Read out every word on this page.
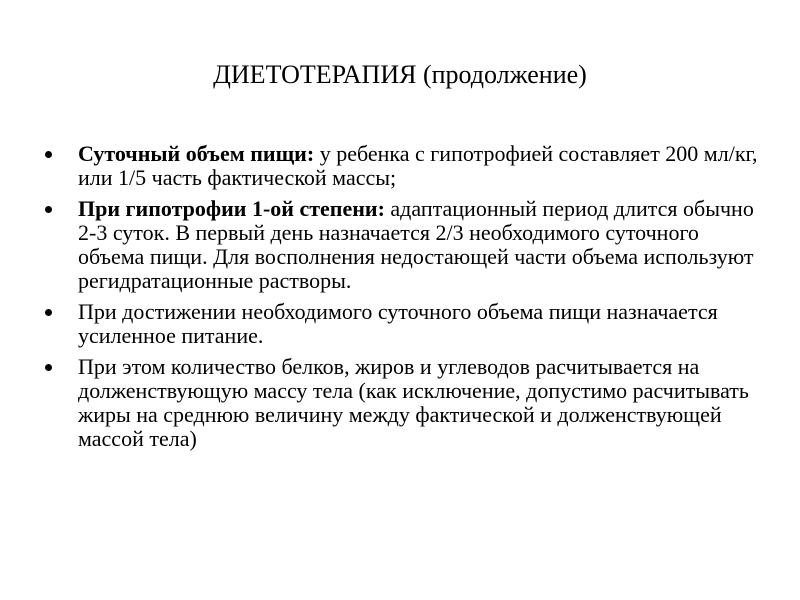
ДИЕТОТЕРАПИЯ (продолжение)
Суточный объем пищи: у ребенка с гипотрофией составляет 200 мл/кг, или 1/5 часть фактической массы;
При гипотрофии 1-ой степени: адаптационный период длится обычно 2-3 суток. В первый день назначается 2/3 необходимого суточного объема пищи. Для восполнения недостающей части объема используют регидратационные растворы.
При достижении необходимого суточного объема пищи назначается усиленное питание.
При этом количество белков, жиров и углеводов расчитывается на долженствующую массу тела (как исключение, допустимо расчитывать жиры на среднюю величину между фактической и долженствующей массой тела)
